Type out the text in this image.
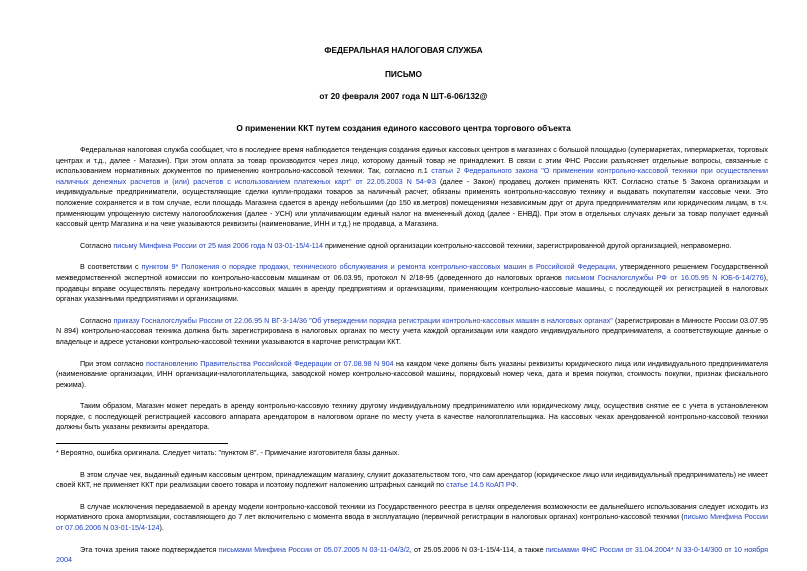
ФЕДЕРАЛЬНАЯ НАЛОГОВАЯ СЛУЖБА
ПИСЬМО
от 20 февраля 2007 года N ШТ-6-06/132@
О применении ККТ путем создания единого кассового центра торгового объекта

Федеральная налоговая служба сообщает, что в последнее время наблюдается тенденция создания единых кассовых центров в магазинах с большой площадью (супермаркетах, гипермаркетах, торговых центрах и т.д., далее - Магазин). При этом оплата за товар производится через лицо, которому данный товар не принадлежит. В связи с этим ФНС России разъясняет отдельные вопросы, связанные с использованием нормативных документов по применению контрольно-кассовой техники. Так, согласно п.1 статьи 2 Федерального закона "О применении контрольно-кассовой техники при осуществлении наличных денежных расчетов и (или) расчетов с использованием платежных карт" от 22.05.2003 N 54-ФЗ (далее - Закон) продавец должен применять ККТ. Согласно статье 5 Закона организации и индивидуальные предприниматели, осуществляющие сделки купли-продажи товаров за наличный расчет, обязаны применять контрольно-кассовую технику и выдавать покупателям кассовые чеки. Это положение сохраняется и в том случае, если площадь Магазина сдается в аренду небольшими (до 150 кв.метров) помещениями независимым друг от друга предпринимателям или юридическим лицам, в т.ч. применяющим упрощенную систему налогообложения (далее - УСН) или уплачивающим единый налог на вмененный доход (далее - ЕНВД). При этом в отдельных случаях деньги за товар получает единый кассовый центр Магазина и на чеке указываются реквизиты (наименование, ИНН и т.д.) не продавца, а Магазина.

Согласно письму Минфина России от 25 мая 2006 года N 03-01-15/4-114 применение одной организации контрольно-кассовой техники, зарегистрированной другой организацией, неправомерно.

В соответствии с пунктом 9* Положения о порядке продажи, технического обслуживания и ремонта контрольно-кассовых машин в Российской Федерации, утвержденного решением Государственной межведомственной экспертной комиссии по контрольно-кассовым машинам от 06.03.95, протокол N 2/18-95 (доведенного до налоговых органов письмом Госналогслужбы РФ от 16.05.95 N ЮБ-6-14/276), продавцы вправе осуществлять передачу контрольно-кассовых машин в аренду предприятиям и организациям, применяющим контрольно-кассовые машины, с последующей их регистрацией в налоговых органах указанными предприятиями и организациями.

Согласно приказу Госналогслужбы России от 22.06.95 N ВГ-3-14/36 "Об утверждении порядка регистрации контрольно-кассовых машин в налоговых органах" (зарегистрирован в Минюсте России 03.07.95 N 894) контрольно-кассовая техника должна быть зарегистрирована в налоговых органах по месту учета каждой организации или каждого индивидуального предпринимателя, а соответствующие данные о владельце и адресе установки контрольно-кассовой техники указываются в карточке регистрации ККТ.

При этом согласно постановлению Правительства Российской Федерации от 07.08.98 N 904 на каждом чеке должны быть указаны реквизиты юридического лица или индивидуального предпринимателя (наименование организации, ИНН организации-налогоплательщика, заводской номер контрольно-кассовой машины, порядковый номер чека, дата и время покупки, стоимость покупки, признак фискального режима).

Таким образом, Магазин может передать в аренду контрольно-кассовую технику другому индивидуальному предпринимателю или юридическому лицу, осуществив снятие ее с учета в установленном порядке, с последующей регистрацией кассового аппарата арендатором в налоговом органе по месту учета в качестве налогоплательщика. На кассовых чеках арендованной контрольно-кассовой техники должны быть указаны реквизиты арендатора.

* Вероятно, ошибка оригинала. Следует читать: "пунктом 8". - Примечание изготовителя базы данных.

В этом случае чек, выданный единым кассовым центром, принадлежащим магазину, служит доказательством того, что сам арендатор (юридическое лицо или индивидуальный предприниматель) не имеет своей ККТ, не применяет ККТ при реализации своего товара и поэтому подлежит наложению штрафных санкций по статье 14.5 КоАП РФ.

В случае исключения передаваемой в аренду модели контрольно-кассовой техники из Государственного реестра в целях определения возможности ее дальнейшего использования следует исходить из нормативного срока амортизации, составляющего до 7 лет включительно с момента ввода в эксплуатацию (первичной регистрации в налоговых органах) контрольно-кассовой техники (письмо Минфина России от 07.06.2006 N 03-01-15/4-124).

Эта точка зрения также подтверждается письмами Минфина России от 05.07.2005 N 03-11-04/3/2, от 25.05.2006 N 03-1-15/4-114, а также письмами ФНС России от 31.04.2004* N 33-0-14/300 от 10 ноября 2004
